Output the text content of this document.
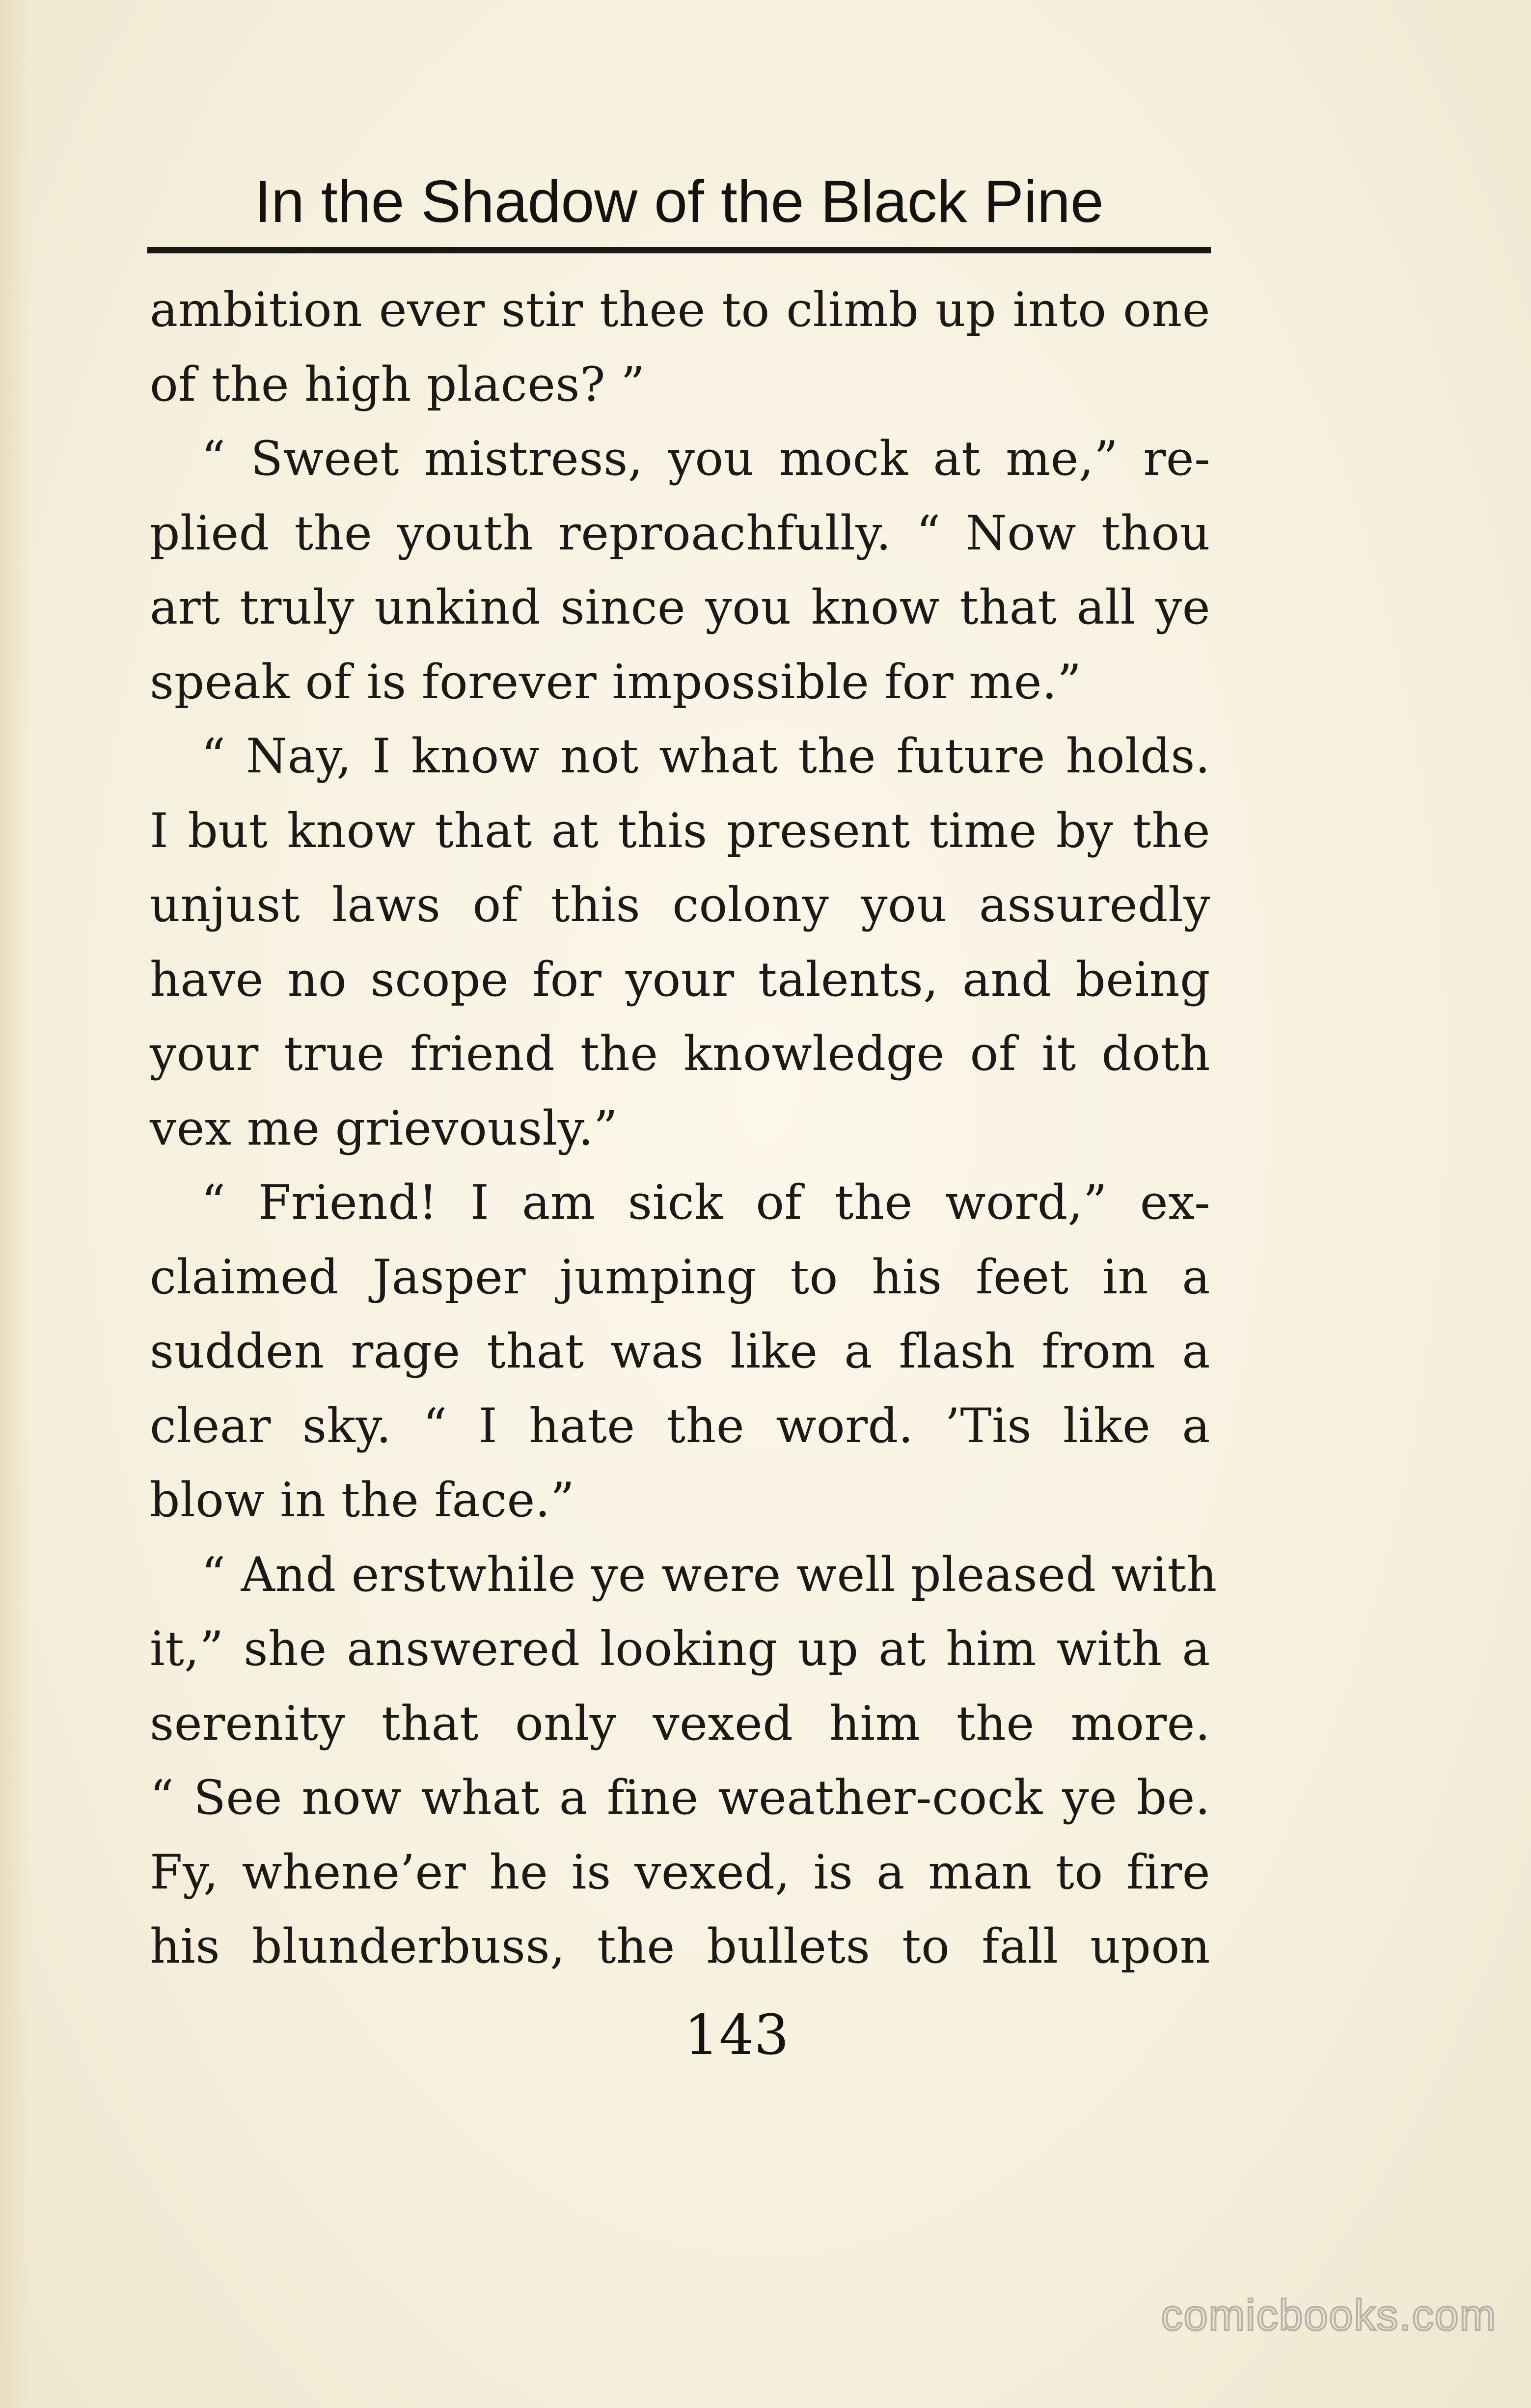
In the Shadow of the Black Pine
ambition ever stir thee to climb up into one
of the high places? ”
“ Sweet mistress, you mock at me,” re-
plied the youth reproachfully. “ Now thou
art truly unkind since you know that all ye
speak of is forever impossible for me.”
“ Nay, I know not what the future holds.
I but know that at this present time by the
unjust laws of this colony you assuredly
have no scope for your talents, and being
your true friend the knowledge of it doth
vex me grievously.”
“ Friend! I am sick of the word,” ex-
claimed Jasper jumping to his feet in a
sudden rage that was like a flash from a
clear sky. “ I hate the word. ’Tis like a
blow in the face.”
“ And erstwhile ye were well pleased with
it,” she answered looking up at him with a
serenity that only vexed him the more.
“ See now what a fine weather-cock ye be.
Fy, whene’er he is vexed, is a man to fire
his blunderbuss, the bullets to fall upon
143
comicbooks.com
